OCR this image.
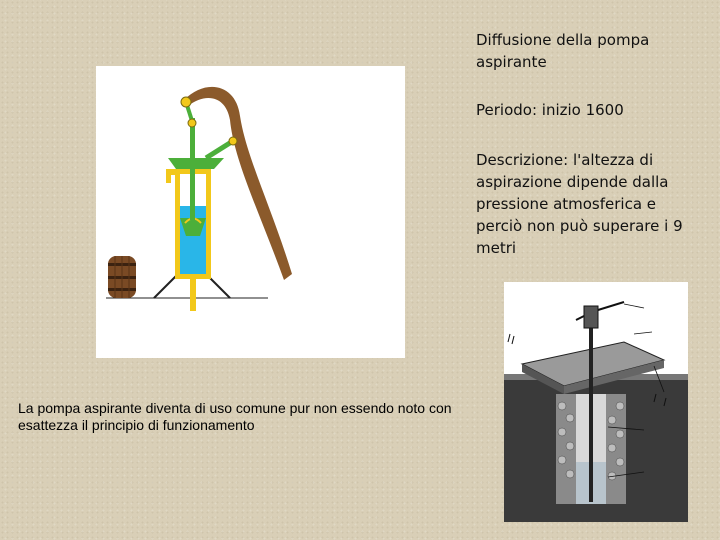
Diffusione della pompa aspirante
Periodo: inizio 1600
Descrizione: l'altezza di aspirazione dipende dalla pressione atmosferica e perciò non può superare i 9 metri
La pompa aspirante diventa di uso comune pur non essendo noto con esattezza il principio di funzionamento
